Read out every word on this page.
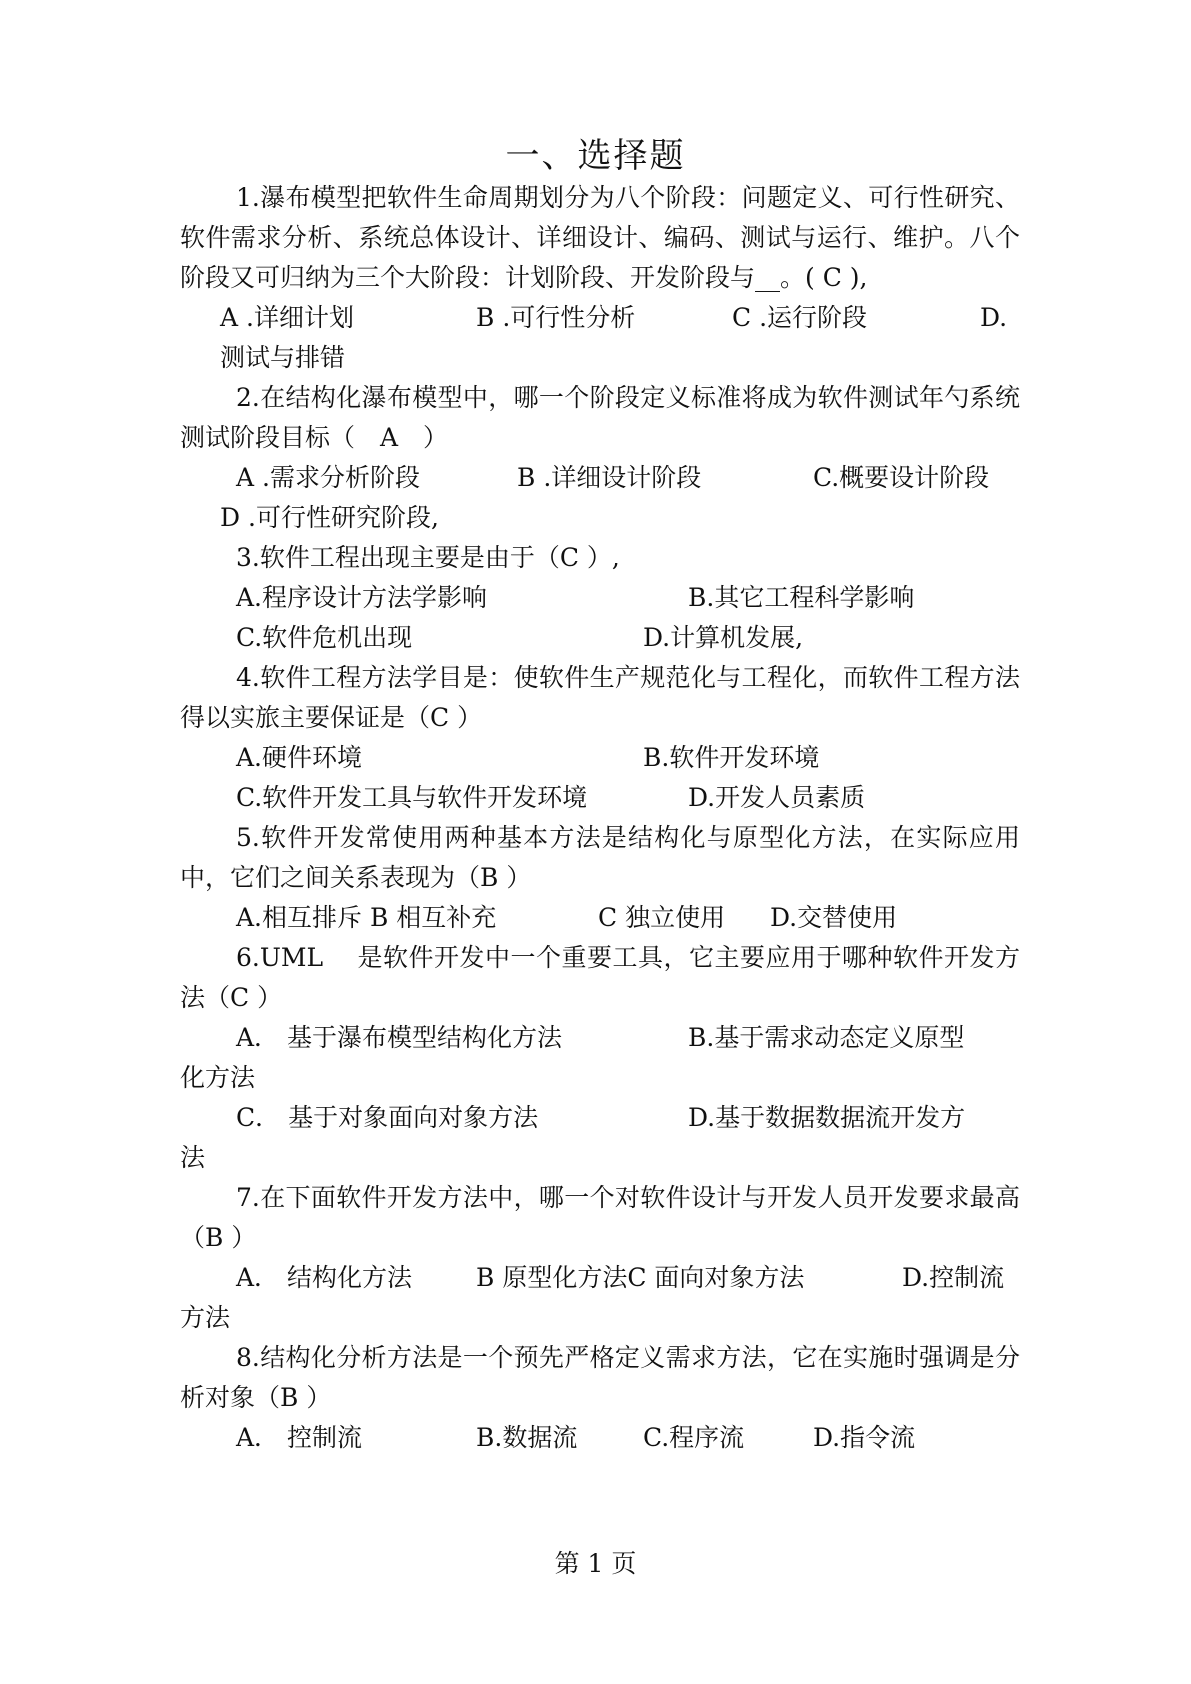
一、选择题

1.瀑布模型把软件生命周期划分为八个阶段：问题定义、可行性研究、软件需求分析、系统总体设计、详细设计、编码、测试与运行、维护。八个阶段又可归纳为三个大阶段：计划阶段、开发阶段与__。( C ),

A .详细计划	B .可行性分析	C .运行阶段	D.
测试与排错

2.在结构化瀑布模型中，哪一个阶段定义标准将成为软件测试年勺系统测试阶段目标（　A　）

A .需求分析阶段	B .详细设计阶段	C.概要设计阶段
D .可行性研究阶段,

3.软件工程出现主要是由于（C ）,

A.程序设计方法学影响	B.其它工程科学影响
C.软件危机出现	D.计算机发展,

4.软件工程方法学目是：使软件生产规范化与工程化，而软件工程方法得以实旅主要保证是（C ）

A.硬件环境	B.软件开发环境
C.软件开发工具与软件开发环境	D.开发人员素质

5.软件开发常使用两种基本方法是结构化与原型化方法，在实际应用中，它们之间关系表现为（B ）

A.相互排斥 B 相互补充	C 独立使用 D.交替使用

6.UML　 是软件开发中一个重要工具，它主要应用于哪种软件开发方法（C ）

A． 基于瀑布模型结构化方法	B.基于需求动态定义原型
化方法
C． 基于对象面向对象方法	D.基于数据数据流开发方
法

7.在下面软件开发方法中，哪一个对软件设计与开发人员开发要求最高（B ）

A． 结构化方法	B 原型化方法C 面向对象方法	D.控制流
方法

8.结构化分析方法是一个预先严格定义需求方法，它在实施时强调是分析对象（B ）

A． 控制流	B.数据流	C.程序流	D.指令流
第 1 页
